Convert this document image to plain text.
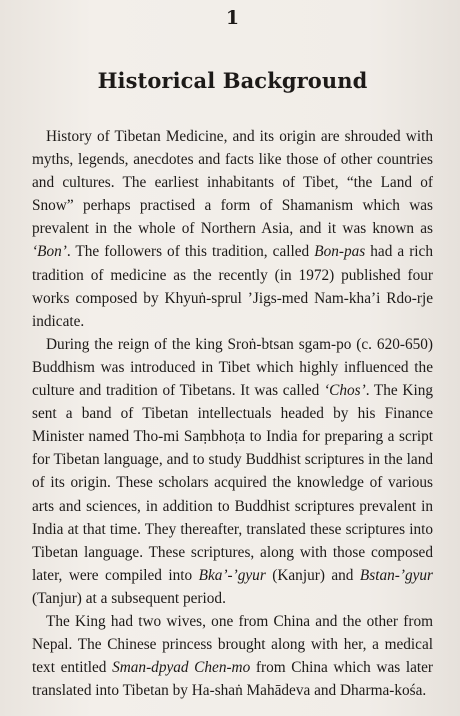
1
Historical Background

History of Tibetan Medicine, and its origin are shrouded with myths, legends, anecdotes and facts like those of other countries and cultures. The earliest inhabitants of Tibet, “the Land of Snow” perhaps practised a form of Shamanism which was prevalent in the whole of Northern Asia, and it was known as ‘Bon’. The followers of this tradition, called Bon-pas had a rich tradition of medicine as the recently (in 1972) published four works composed by Khyuṅ-sprul ’Jigs-med Nam-kha’i Rdo-rje indicate.

During the reign of the king Sroṅ-btsan sgam-po (c. 620-650) Buddhism was introduced in Tibet which highly influenced the culture and tradition of Tibetans. It was called ‘Chos’. The King sent a band of Tibetan intellectuals headed by his Finance Minister named Tho-mi Saṃbhoṭa to India for preparing a script for Tibetan language, and to study Buddhist scriptures in the land of its origin. These scholars acquired the knowledge of various arts and sciences, in addition to Buddhist scriptures prevalent in India at that time. They thereafter, translated these scriptures into Tibetan language. These scriptures, along with those composed later, were compiled into Bka’-’gyur (Kanjur) and Bstan-’gyur (Tanjur) at a subsequent period.

The King had two wives, one from China and the other from Nepal. The Chinese princess brought along with her, a medical text entitled Sman-dpyad Chen-mo from China which was later translated into Tibetan by Ha-shaṅ Mahādeva and Dharma-kośa.
